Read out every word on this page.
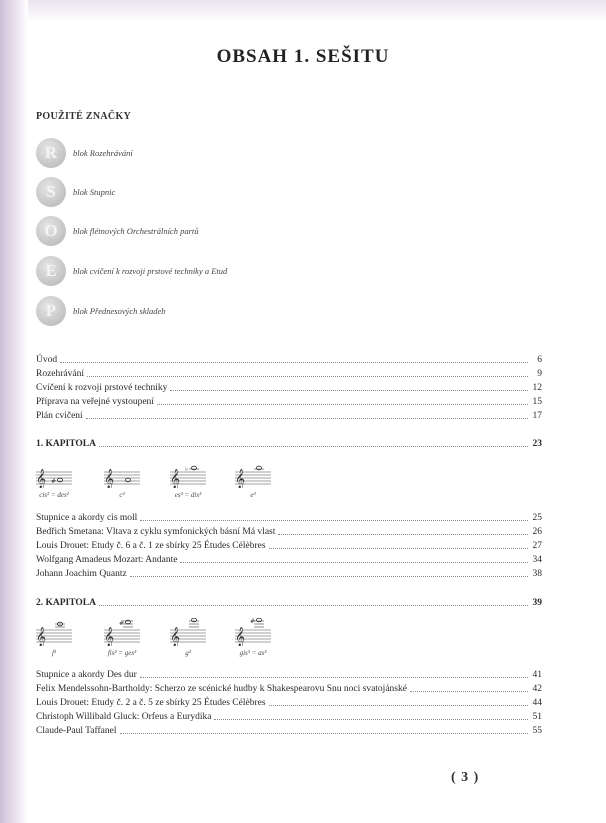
OBSAH 1. SEŠITU
POUŽITÉ ZNAČKY
R	blok Rozehrávání
S	blok Stupnic
O	blok flétnových Orchestrálních partů
E	blok cvičení k rozvoji prstové techniky a Etud
P	blok Přednesových skladeb
Úvod	6
Rozehrávání	9
Cvičení k rozvoji prstové techniky	12
Příprava na veřejné vystoupení	15
Plán cvičení	17
1. KAPITOLA	23
𝄞 #
cis² = des²
𝄞
c²
𝄞 ♭
es³ = dis³
𝄞
e³
Stupnice a akordy cis moll	25
Bedřich Smetana: Vltava z cyklu symfonických básní Má vlast	26
Louis Drouet: Etudy č. 6 a č. 1 ze sbírky 25 Études Célèbres	27
Wolfgang Amadeus Mozart: Andante	34
Johann Joachim Quantz	38
2. KAPITOLA	39
𝄞
f³
𝄞
#
fis³ = ges³
𝄞
g³
𝄞
#
gis³ = as³
Stupnice a akordy Des dur	41
Felix Mendelssohn-Bartholdy: Scherzo ze scénické hudby k Shakespearovu Snu noci svatojánské	42
Louis Drouet: Etudy č. 2 a č. 5 ze sbírky 25 Études Célèbres	44
Christoph Willibald Gluck: Orfeus a Eurydika	51
Claude-Paul Taffanel	55
( 3 )
